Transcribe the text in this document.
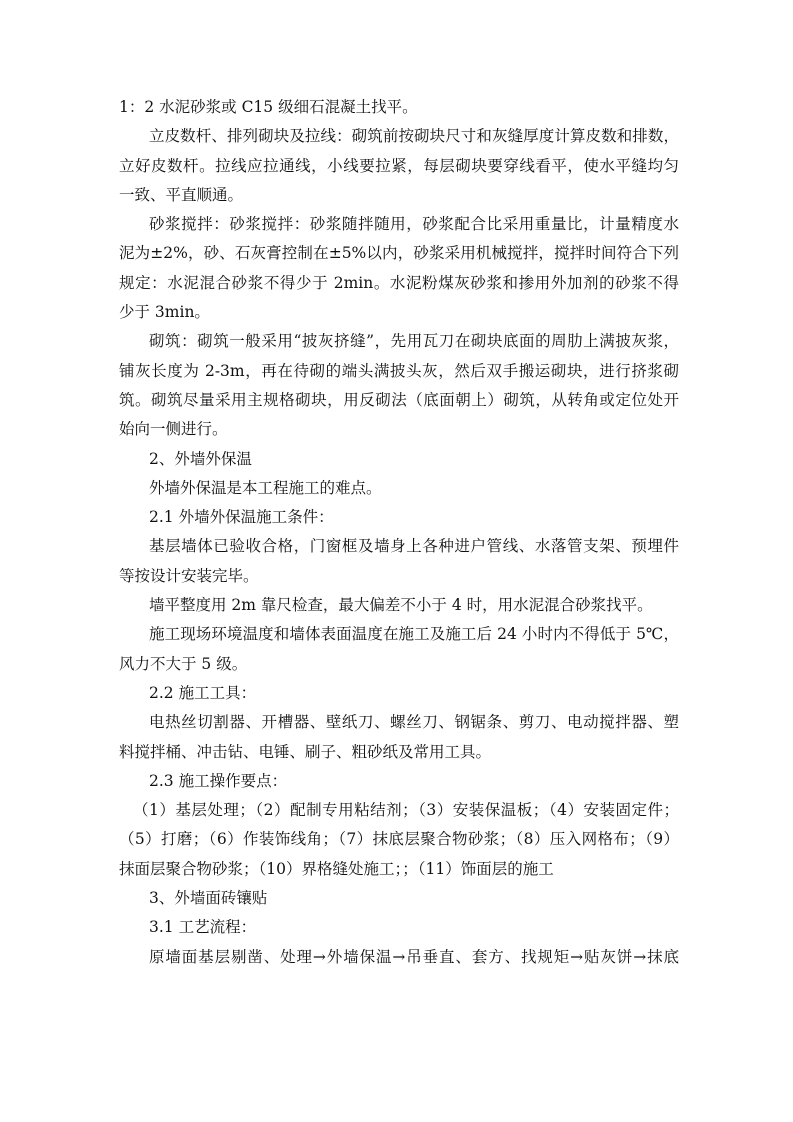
1：2 水泥砂浆或 C15 级细石混凝土找平。
立皮数杆、排列砌块及拉线：砌筑前按砌块尺寸和灰缝厚度计算皮数和排数，
立好皮数杆。拉线应拉通线，小线要拉紧，每层砌块要穿线看平，使水平缝均匀
一致、平直顺通。
砂浆搅拌：砂浆搅拌：砂浆随拌随用，砂浆配合比采用重量比，计量精度水
泥为±2%，砂、石灰膏控制在±5%以内，砂浆采用机械搅拌，搅拌时间符合下列
规定：水泥混合砂浆不得少于 2min。水泥粉煤灰砂浆和掺用外加剂的砂浆不得
少于 3min。
砌筑：砌筑一般采用“披灰挤缝”，先用瓦刀在砌块底面的周肋上满披灰浆，
铺灰长度为 2-3m，再在待砌的端头满披头灰，然后双手搬运砌块，进行挤浆砌
筑。砌筑尽量采用主规格砌块，用反砌法（底面朝上）砌筑，从转角或定位处开
始向一侧进行。
2、外墙外保温
外墙外保温是本工程施工的难点。
2.1 外墙外保温施工条件：
基层墙体已验收合格，门窗框及墙身上各种进户管线、水落管支架、预埋件
等按设计安装完毕。
墙平整度用 2m 靠尺检查，最大偏差不小于 4 时，用水泥混合砂浆找平。
施工现场环境温度和墙体表面温度在施工及施工后 24 小时内不得低于 5℃，
风力不大于 5 级。
2.2 施工工具：
电热丝切割器、开槽器、壁纸刀、螺丝刀、钢锯条、剪刀、电动搅拌器、塑
料搅拌桶、冲击钻、电锤、刷子、粗砂纸及常用工具。
2.3 施工操作要点：
（1）基层处理；（2）配制专用粘结剂；（3）安装保温板；（4）安装固定件；
（5）打磨；（6）作装饰线角；（7）抹底层聚合物砂浆；（8）压入网格布；（9）
抹面层聚合物砂浆；（10）界格缝处施工；；（11）饰面层的施工
3、外墙面砖镶贴
3.1 工艺流程：
原墙面基层剔凿、处理→外墙保温→吊垂直、套方、找规矩→贴灰饼→抹底
